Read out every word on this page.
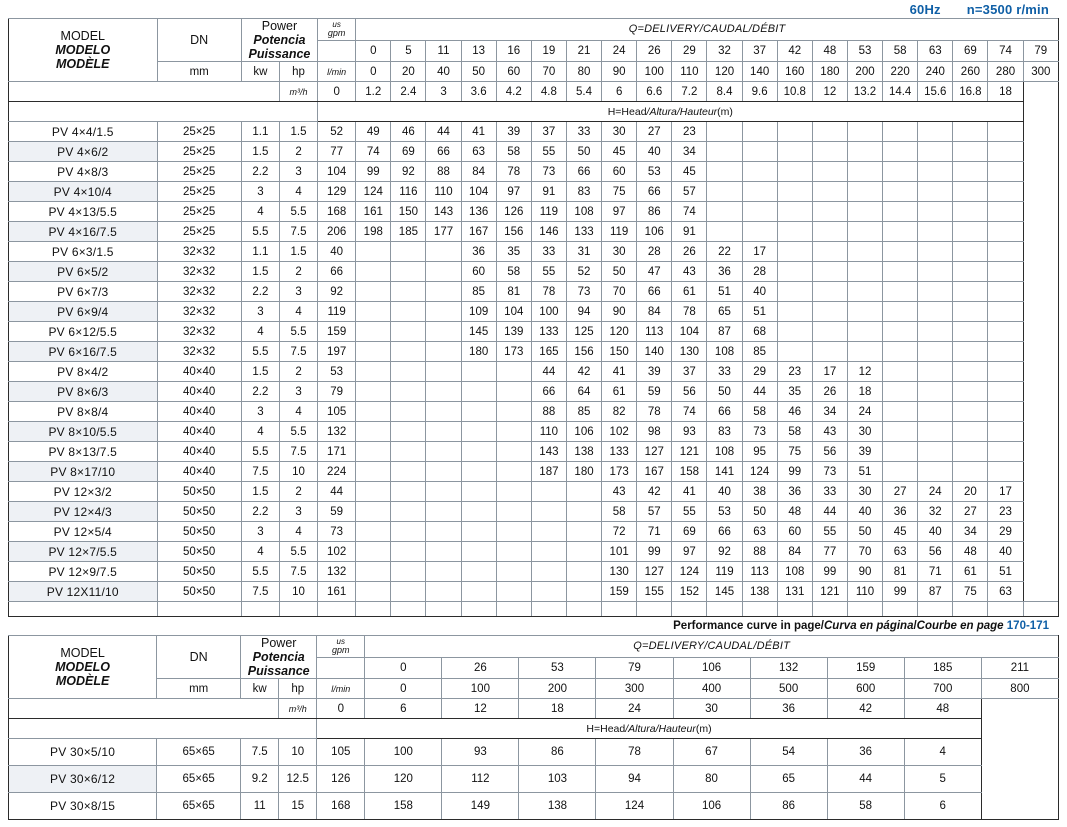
60Hz n=3500 r/min
MODEL
MODELO
MODÈLE	DN	Power
Potencia
Puissance		us
gpm	Q=DELIVERY/CAUDAL/DÉBIT																			
					0	5	11	13	16	19	21	24	26	29	32	37	42	48	53	58	63	69	74	79
	mm	kw	hp	l/min	0	20	40	50	60	70	80	90	100	110	120	140	160	180	200	220	240	260	280	300
			m³/h	0	1.2	2.4	3	3.6	4.2	4.8	5.4	6	6.6	7.2	8.4	9.6	10.8	12	13.2	14.4	15.6	16.8	18	
				H=Head/Altura/Hauteur(m)																				
PV 4×4/1.5	25×25	1.1	1.5	52	49	46	44	41	39	37	33	30	27	23										
PV 4×6/2	25×25	1.5	2	77	74	69	66	63	58	55	50	45	40	34										
PV 4×8/3	25×25	2.2	3	104	99	92	88	84	78	73	66	60	53	45										
PV 4×10/4	25×25	3	4	129	124	116	110	104	97	91	83	75	66	57										
PV 4×13/5.5	25×25	4	5.5	168	161	150	143	136	126	119	108	97	86	74										
PV 4×16/7.5	25×25	5.5	7.5	206	198	185	177	167	156	146	133	119	106	91										
PV 6×3/1.5	32×32	1.1	1.5	40				36	35	33	31	30	28	26	22	17								
PV 6×5/2	32×32	1.5	2	66				60	58	55	52	50	47	43	36	28								
PV 6×7/3	32×32	2.2	3	92				85	81	78	73	70	66	61	51	40								
PV 6×9/4	32×32	3	4	119				109	104	100	94	90	84	78	65	51								
PV 6×12/5.5	32×32	4	5.5	159				145	139	133	125	120	113	104	87	68								
PV 6×16/7.5	32×32	5.5	7.5	197				180	173	165	156	150	140	130	108	85								
PV 8×4/2	40×40	1.5	2	53						44	42	41	39	37	33	29	23	17	12					
PV 8×6/3	40×40	2.2	3	79						66	64	61	59	56	50	44	35	26	18					
PV 8×8/4	40×40	3	4	105						88	85	82	78	74	66	58	46	34	24					
PV 8×10/5.5	40×40	4	5.5	132						110	106	102	98	93	83	73	58	43	30					
PV 8×13/7.5	40×40	5.5	7.5	171						143	138	133	127	121	108	95	75	56	39					
PV 8×17/10	40×40	7.5	10	224						187	180	173	167	158	141	124	99	73	51					
PV 12×3/2	50×50	1.5	2	44								43	42	41	40	38	36	33	30	27	24	20	17	
PV 12×4/3	50×50	2.2	3	59								58	57	55	53	50	48	44	40	36	32	27	23	
PV 12×5/4	50×50	3	4	73								72	71	69	66	63	60	55	50	45	40	34	29	
PV 12×7/5.5	50×50	4	5.5	102								101	99	97	92	88	84	77	70	63	56	48	40	
PV 12×9/7.5	50×50	5.5	7.5	132								130	127	124	119	113	108	99	90	81	71	61	51	
PV 12X11/10	50×50	7.5	10	161								159	155	152	145	138	131	121	110	99	87	75	63	

Performance curve in page/Curva en página/Courbe en page 170-171
MODEL
MODELO
MODÈLE	DN	Power
Potencia
Puissance		us
gpm	Q=DELIVERY/CAUDAL/DÉBIT								
					0	26	53	79	106	132	159	185	211
	mm	kw	hp	l/min	0	100	200	300	400	500	600	700	800
			m³/h	0	6	12	18	24	30	36	42	48	
				H=Head/Altura/Hauteur(m)									
PV 30×5/10	65×65	7.5	10	105	100	93	86	78	67	54	36	4	
PV 30×6/12	65×65	9.2	12.5	126	120	112	103	94	80	65	44	5	
PV 30×8/15	65×65	11	15	168	158	149	138	124	106	86	58	6	
